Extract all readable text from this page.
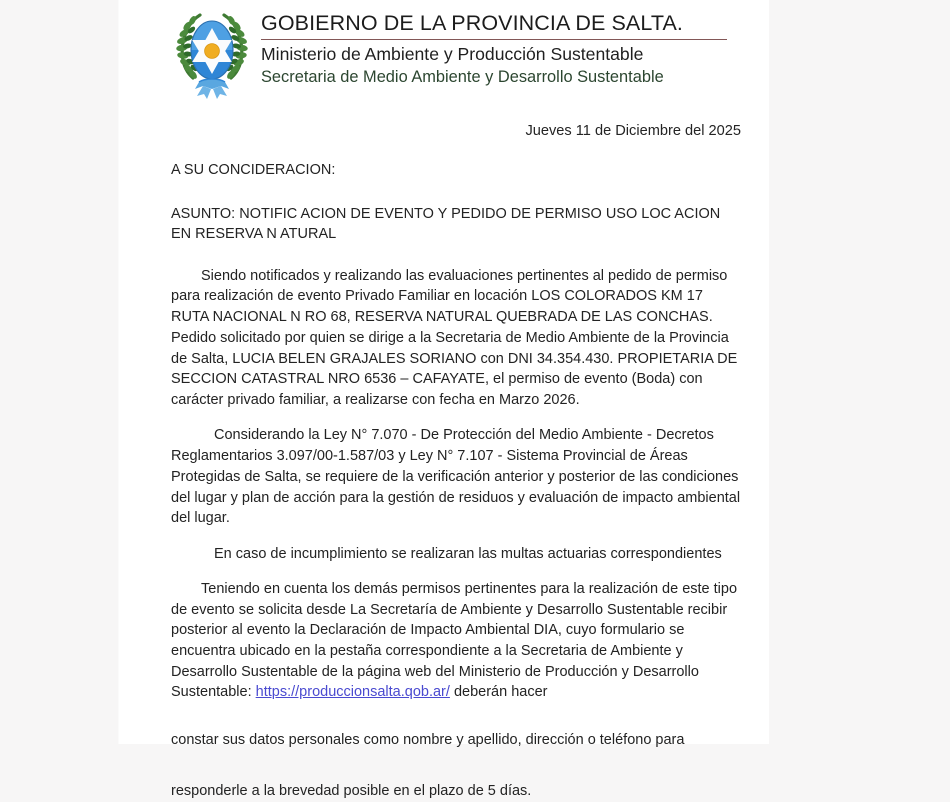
GOBIERNO DE LA PROVINCIA DE SALTA.
Ministerio de Ambiente y Producción Sustentable
Secretaria de Medio Ambiente y Desarrollo Sustentable
Jueves 11 de Diciembre del 2025
A SU CONCIDERACION:
ASUNTO: NOTIFIC ACION DE EVENTO Y PEDIDO DE PERMISO USO LOC ACION EN RESERVA N ATURAL

Siendo notificados y realizando las evaluaciones pertinentes al pedido de permiso para realización de evento Privado Familiar en locación LOS COLORADOS KM 17 RUTA NACIONAL N RO 68, RESERVA NATURAL QUEBRADA DE LAS CONCHAS. Pedido solicitado por quien se dirige a la Secretaria de Medio Ambiente de la Provincia de Salta, LUCIA BELEN GRAJALES SORIANO con DNI 34.354.430. PROPIETARIA DE SECCION CATASTRAL NRO 6536 – CAFAYATE, el permiso de evento (Boda) con carácter privado familiar, a realizarse con fecha en Marzo 2026.

Considerando la Ley N° 7.070 - De Protección del Medio Ambiente - Decretos Reglamentarios 3.097/00-1.587/03 y Ley N° 7.107 - Sistema Provincial de Áreas Protegidas de Salta, se requiere de la verificación anterior y posterior de las condiciones del lugar y plan de acción para la gestión de residuos y evaluación de impacto ambiental del lugar.

En caso de incumplimiento se realizaran las multas actuarias correspondientes

Teniendo en cuenta los demás permisos pertinentes para la realización de este tipo de evento se solicita desde La Secretaría de Ambiente y Desarrollo Sustentable recibir posterior al evento la Declaración de Impacto Ambiental DIA, cuyo formulario se encuentra ubicado en la pestaña correspondiente a la Secretaria de Ambiente y Desarrollo Sustentable de la página web del Ministerio de Producción y Desarrollo Sustentable: https://produccionsalta.qob.ar/ deberán hacer

constar sus datos personales como nombre y apellido, dirección o teléfono para
responderle a la brevedad posible en el plazo de 5 días.
